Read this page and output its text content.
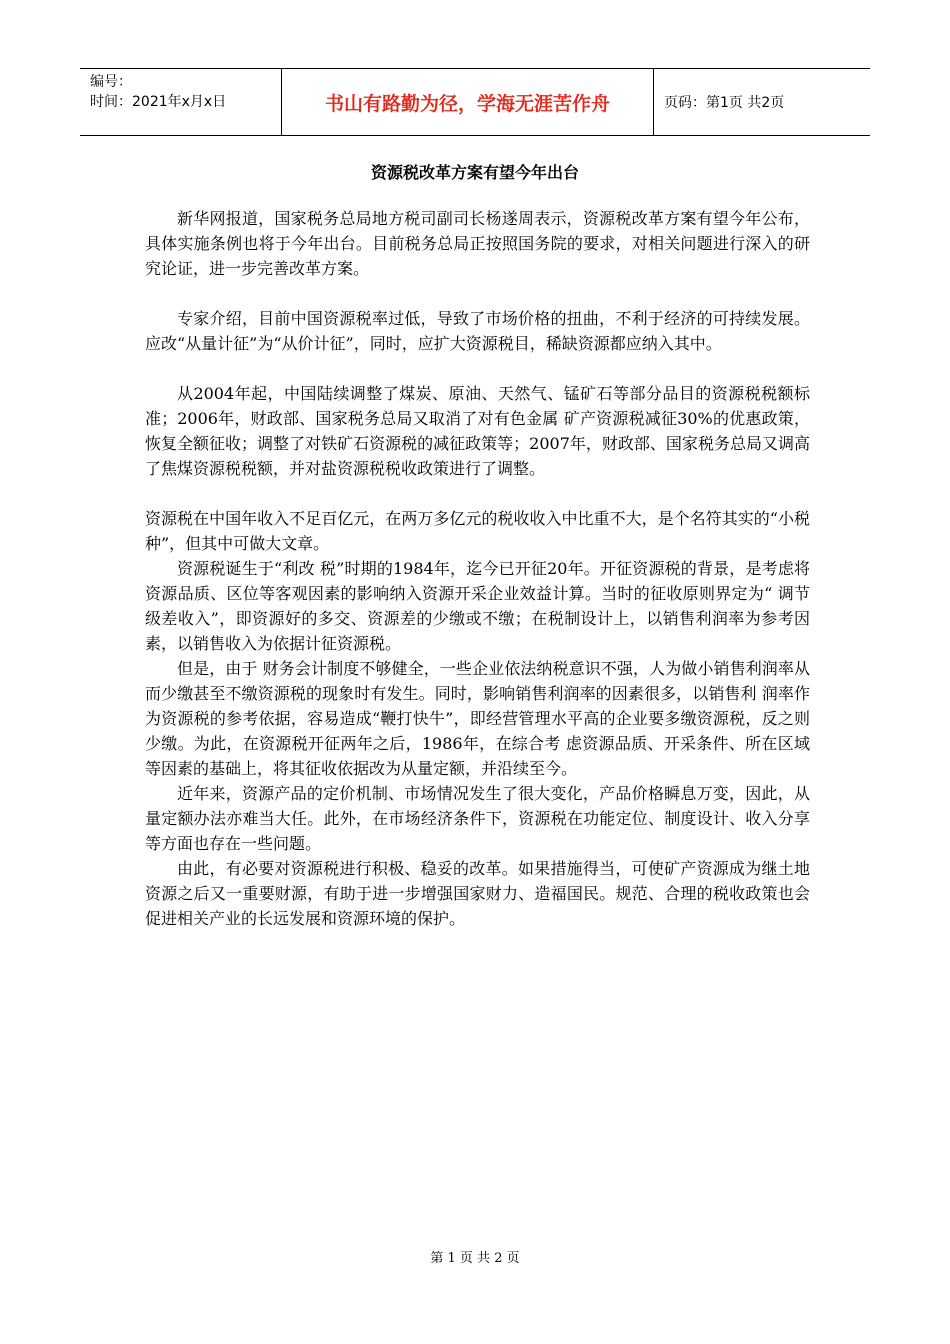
编号：
时间：2021年x月x日	书山有路勤为径，学海无涯苦作舟	页码：第1页 共2页
资源税改革方案有望今年出台

新华网报道，国家税务总局地方税司副司长杨遂周表示，资源税改革方案有望今年公布，具体实施条例也将于今年出台。目前税务总局正按照国务院的要求，对相关问题进行深入的研究论证，进一步完善改革方案。

专家介绍，目前中国资源税率过低，导致了市场价格的扭曲，不利于经济的可持续发展。应改“从量计征”为“从价计征”，同时，应扩大资源税目，稀缺资源都应纳入其中。

从2004年起，中国陆续调整了煤炭、原油、天然气、锰矿石等部分品目的资源税税额标准；2006年，财政部、国家税务总局又取消了对有色金属 矿产资源税减征30%的优惠政策，恢复全额征收；调整了对铁矿石资源税的减征政策等；2007年，财政部、国家税务总局又调高了焦煤资源税税额，并对盐资源税税收政策进行了调整。

资源税在中国年收入不足百亿元，在两万多亿元的税收收入中比重不大，是个名符其实的“小税种”，但其中可做大文章。

资源税诞生于“利改 税”时期的1984年，迄今已开征20年。开征资源税的背景，是考虑将资源品质、区位等客观因素的影响纳入资源开采企业效益计算。当时的征收原则界定为“ 调节级差收入”，即资源好的多交、资源差的少缴或不缴；在税制设计上，以销售利润率为参考因素，以销售收入为依据计征资源税。

但是，由于 财务会计制度不够健全，一些企业依法纳税意识不强，人为做小销售利润率从而少缴甚至不缴资源税的现象时有发生。同时，影响销售利润率的因素很多，以销售利 润率作为资源税的参考依据，容易造成“鞭打快牛”，即经营管理水平高的企业要多缴资源税，反之则少缴。为此，在资源税开征两年之后，1986年，在综合考 虑资源品质、开采条件、所在区域等因素的基础上，将其征收依据改为从量定额，并沿续至今。

近年来，资源产品的定价机制、市场情况发生了很大变化，产品价格瞬息万变，因此，从量定额办法亦难当大任。此外，在市场经济条件下，资源税在功能定位、制度设计、收入分享等方面也存在一些问题。

由此，有必要对资源税进行积极、稳妥的改革。如果措施得当，可使矿产资源成为继土地资源之后又一重要财源，有助于进一步增强国家财力、造福国民。规范、合理的税收政策也会促进相关产业的长远发展和资源环境的保护。

第 1 页 共 2 页
